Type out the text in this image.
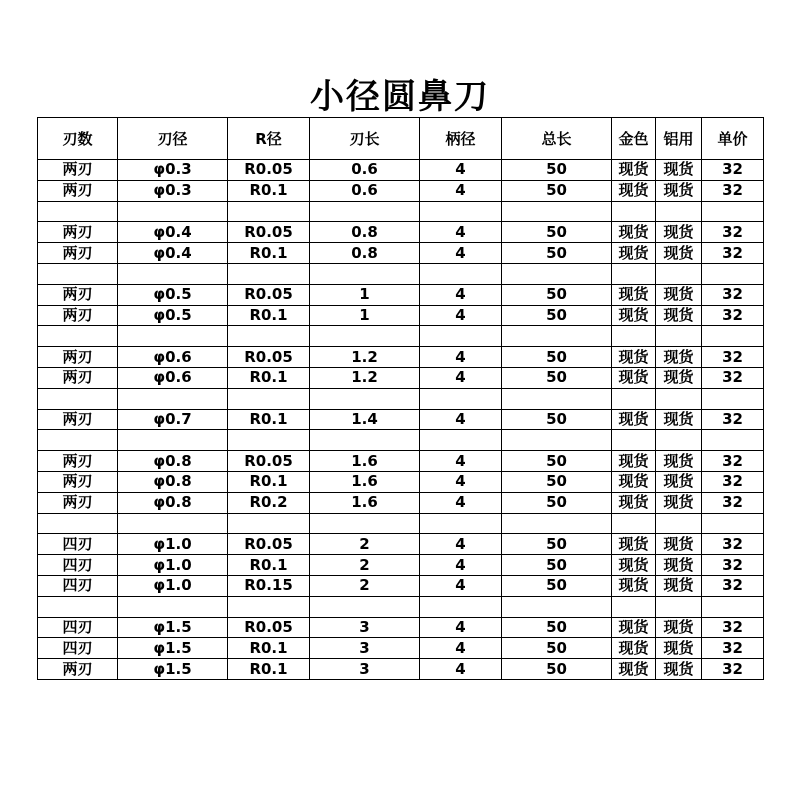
小径圆鼻刀
刃数	刃径	R径	刃长	柄径	总长	金色	铝用	单价
两刃	φ0.3	R0.05	0.6	4	50	现货	现货	32
两刃	φ0.3	R0.1	0.6	4	50	现货	现货	32

两刃	φ0.4	R0.05	0.8	4	50	现货	现货	32
两刃	φ0.4	R0.1	0.8	4	50	现货	现货	32

两刃	φ0.5	R0.05	1	4	50	现货	现货	32
两刃	φ0.5	R0.1	1	4	50	现货	现货	32

两刃	φ0.6	R0.05	1.2	4	50	现货	现货	32
两刃	φ0.6	R0.1	1.2	4	50	现货	现货	32

两刃	φ0.7	R0.1	1.4	4	50	现货	现货	32

两刃	φ0.8	R0.05	1.6	4	50	现货	现货	32
两刃	φ0.8	R0.1	1.6	4	50	现货	现货	32
两刃	φ0.8	R0.2	1.6	4	50	现货	现货	32

四刃	φ1.0	R0.05	2	4	50	现货	现货	32
四刃	φ1.0	R0.1	2	4	50	现货	现货	32
四刃	φ1.0	R0.15	2	4	50	现货	现货	32

四刃	φ1.5	R0.05	3	4	50	现货	现货	32
四刃	φ1.5	R0.1	3	4	50	现货	现货	32
两刃	φ1.5	R0.1	3	4	50	现货	现货	32
